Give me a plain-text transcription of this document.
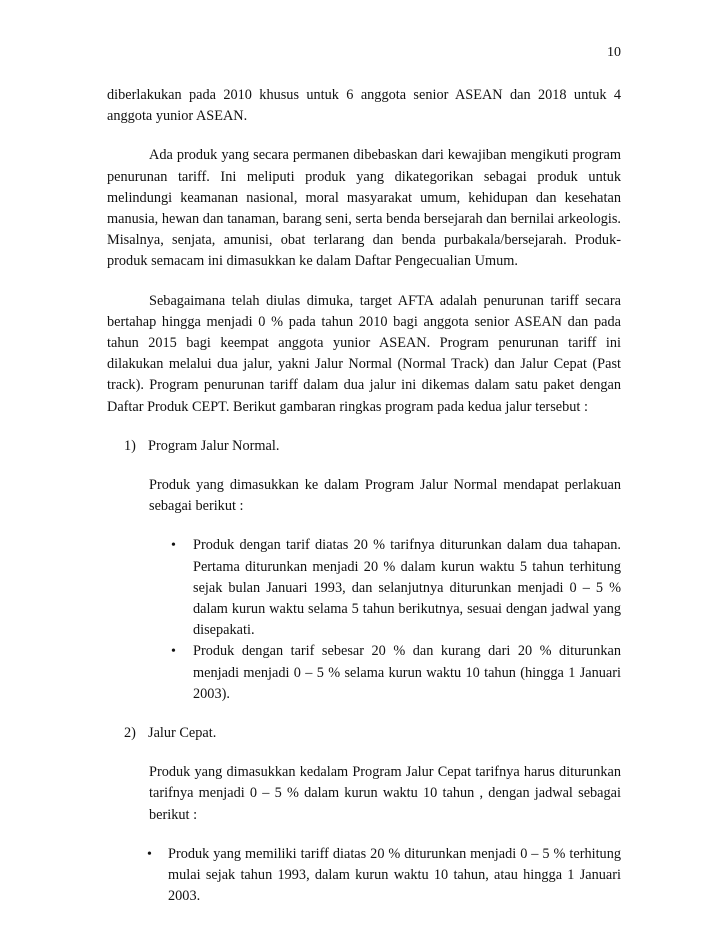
10

diberlakukan pada 2010 khusus untuk 6 anggota senior ASEAN dan 2018 untuk 4 anggota yunior ASEAN.

Ada produk yang secara permanen dibebaskan dari kewajiban mengikuti program penurunan tariff. Ini meliputi produk yang dikategorikan sebagai produk untuk melindungi keamanan nasional, moral masyarakat umum, kehidupan dan kesehatan manusia, hewan dan tanaman, barang seni, serta benda bersejarah dan bernilai arkeologis. Misalnya, senjata, amunisi, obat terlarang dan benda purbakala/bersejarah. Produk-produk semacam ini dimasukkan ke dalam Daftar Pengecualian Umum.

Sebagaimana telah diulas dimuka, target AFTA adalah penurunan tariff secara bertahap hingga menjadi 0 % pada tahun 2010 bagi anggota senior ASEAN dan pada tahun 2015 bagi keempat anggota yunior ASEAN. Program penurunan tariff ini dilakukan melalui dua jalur, yakni Jalur Normal (Normal Track) dan Jalur Cepat (Past track). Program penurunan tariff dalam dua jalur ini dikemas dalam satu paket dengan Daftar Produk CEPT. Berikut gambaran ringkas program pada kedua jalur tersebut :

1) Program Jalur Normal.

Produk yang dimasukkan ke dalam Program Jalur Normal mendapat perlakuan sebagai berikut :

• Produk dengan tarif diatas 20 % tarifnya diturunkan dalam dua tahapan. Pertama diturunkan menjadi 20 % dalam kurun waktu 5 tahun terhitung sejak bulan Januari 1993, dan selanjutnya diturunkan menjadi 0 – 5 % dalam kurun waktu selama 5 tahun berikutnya, sesuai dengan jadwal yang disepakati.
• Produk dengan tarif sebesar 20 % dan kurang dari 20 % diturunkan menjadi menjadi 0 – 5 % selama kurun waktu 10 tahun (hingga 1 Januari 2003).
2) Jalur Cepat.

Produk yang dimasukkan kedalam Program Jalur Cepat tarifnya harus diturunkan tarifnya menjadi 0 – 5 % dalam kurun waktu 10 tahun , dengan jadwal sebagai berikut :

• Produk yang memiliki tariff diatas 20 % diturunkan menjadi 0 – 5 % terhitung mulai sejak tahun 1993, dalam kurun waktu 10 tahun, atau hingga 1 Januari 2003.
